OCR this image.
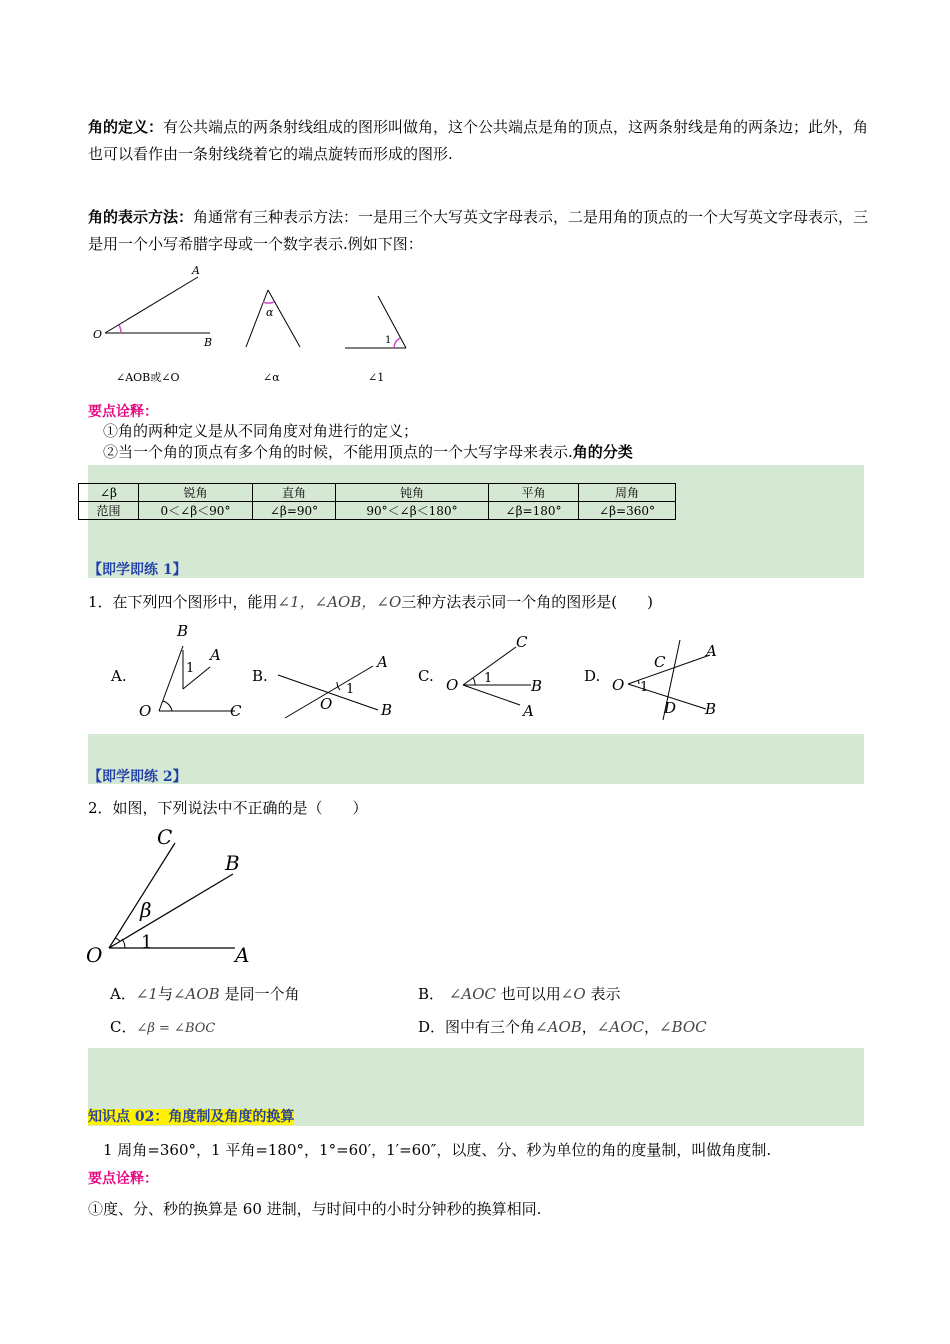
角的定义：有公共端点的两条射线组成的图形叫做角，这个公共端点是角的顶点，这两条射线是角的两条边；此外，角也可以看作由一条射线绕着它的端点旋转而形成的图形.
角的表示方法：角通常有三种表示方法：一是用三个大写英文字母表示，二是用角的顶点的一个大写英文字母表示，三是用一个小写希腊字母或一个数字表示.例如下图：
A
B
O
α
1
∠AOB或∠O	∠α	∠1
要点诠释：
①角的两种定义是从不同角度对角进行的定义；
②当一个角的顶点有多个角的时候，不能用顶点的一个大写字母来表示.角的分类
∠β	锐角	直角	钝角	平角	周角
范围	0＜∠β＜90°	∠β=90°	90°＜∠β＜180°	∠β=180°	∠β=360°
【即学即练 1】
1．在下列四个图形中，能用∠1，∠AOB，∠O三种方法表示同一个角的图形是(　　)
A.
B
A
1
O	C
B.
A
B
O
1
C.
C
B
A
O 1	D.
A
B
C
D
O 1
【即学即练 2】
2．如图，下列说法中不正确的是（　　）
C
B
O	A
β
1
A．∠1与∠AOB 是同一个角	B． ∠AOC 也可以用∠O 表示
C．∠β = ∠BOC	D．图中有三个角∠AOB，∠AOC，∠BOC
知识点 02：角度制及角度的换算
1 周角=360°，1 平角=180°，1°=60′，1′=60″，以度、分、秒为单位的角的度量制，叫做角度制.
要点诠释：
①度、分、秒的换算是 60 进制，与时间中的小时分钟秒的换算相同.
